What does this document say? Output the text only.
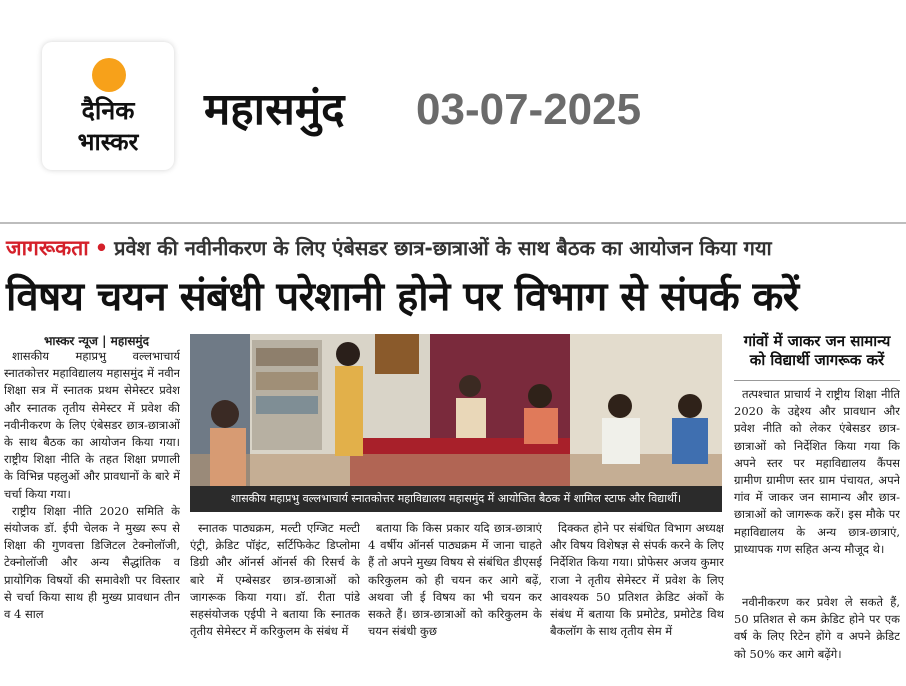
दैनिक
भास्कर
महासमुंद 03-07-2025
जागरूकता • प्रवेश की नवीनीकरण के लिए एंबेसडर छात्र-छात्राओं के साथ बैठक का आयोजन किया गया
विषय चयन संबंधी परेशानी होने पर विभाग से संपर्क करें
भास्कर न्यूज | महासमुंद

शासकीय महाप्रभु वल्लभाचार्य स्नातकोत्तर महाविद्यालय महासमुंद में नवीन शिक्षा सत्र में स्नातक प्रथम सेमेस्टर प्रवेश और स्नातक तृतीय सेमेस्टर में प्रवेश की नवीनीकरण के लिए एंबेसडर छात्र-छात्राओं के साथ बैठक का आयोजन किया गया। राष्ट्रीय शिक्षा नीति के तहत शिक्षा प्रणाली के विभिन्न पहलुओं और प्रावधानों के बारे में चर्चा किया गया।

राष्ट्रीय शिक्षा नीति 2020 समिति के संयोजक डॉ. ईपी चेलक ने मुख्य रूप से शिक्षा की गुणवत्ता डिजिटल टेक्नोलॉजी, टेक्नोलॉजी और अन्य सैद्धांतिक व प्रायोगिक विषयों की समावेशी पर विस्तार से चर्चा किया साथ ही मुख्य प्रावधान तीन व 4 साल

शासकीय महाप्रभु वल्लभाचार्य स्नातकोत्तर महाविद्यालय महासमुंद में आयोजित बैठक में शामिल स्टाफ और विद्यार्थी।

स्नातक पाठ्यक्रम, मल्टी एग्जिट मल्टी एंट्री, क्रेडिट पॉइंट, सर्टिफिकेट डिप्लोमा डिग्री और ऑनर्स ऑनर्स की रिसर्च के बारे में एम्बेसडर छात्र-छात्राओं को जागरूक किया गया। डॉ. रीता पांडे सहसंयोजक एईपी ने बताया कि स्नातक तृतीय सेमेस्टर में करिकुलम के संबंध में

बताया कि किस प्रकार यदि छात्र-छात्राएं 4 वर्षीय ऑनर्स पाठ्यक्रम में जाना चाहते हैं तो अपने मुख्य विषय से संबंधित डीएसई करिकुलम को ही चयन कर आगे बढ़ें, अथवा जी ई विषय का भी चयन कर सकते हैं। छात्र-छात्राओं को करिकुलम के चयन संबंधी कुछ

दिक्कत होने पर संबंधित विभाग अध्यक्ष और विषय विशेषज्ञ से संपर्क करने के लिए निर्देशित किया गया। प्रोफेसर अजय कुमार राजा ने तृतीय सेमेस्टर में प्रवेश के लिए आवश्यक 50 प्रतिशत क्रेडिट अंकों के संबंध में बताया कि प्रमोटेड, प्रमोटेड विथ बैकलॉग के साथ तृतीय सेम में

गांवों में जाकर जन सामान्य को विद्यार्थी जागरूक करें

तत्पश्चात प्राचार्य ने राष्ट्रीय शिक्षा नीति 2020 के उद्देश्य और प्रावधान और प्रवेश नीति को लेकर एंबेसडर छात्र-छात्राओं को निर्देशित किया गया कि अपने स्तर पर महाविद्यालय कैंपस ग्रामीण ग्रामीण स्तर ग्राम पंचायत, अपने गांव में जाकर जन सामान्य और छात्र-छात्राओं को जागरूक करें। इस मौके पर महाविद्यालय के अन्य छात्र-छात्राएं, प्राध्यापक गण सहित अन्य मौजूद थे।

नवीनीकरण कर प्रवेश ले सकते हैं, 50 प्रतिशत से कम क्रेडिट होने पर एक वर्ष के लिए रिटेन होंगे व अपने क्रेडिट को 50% कर आगे बढ़ेंगे।
